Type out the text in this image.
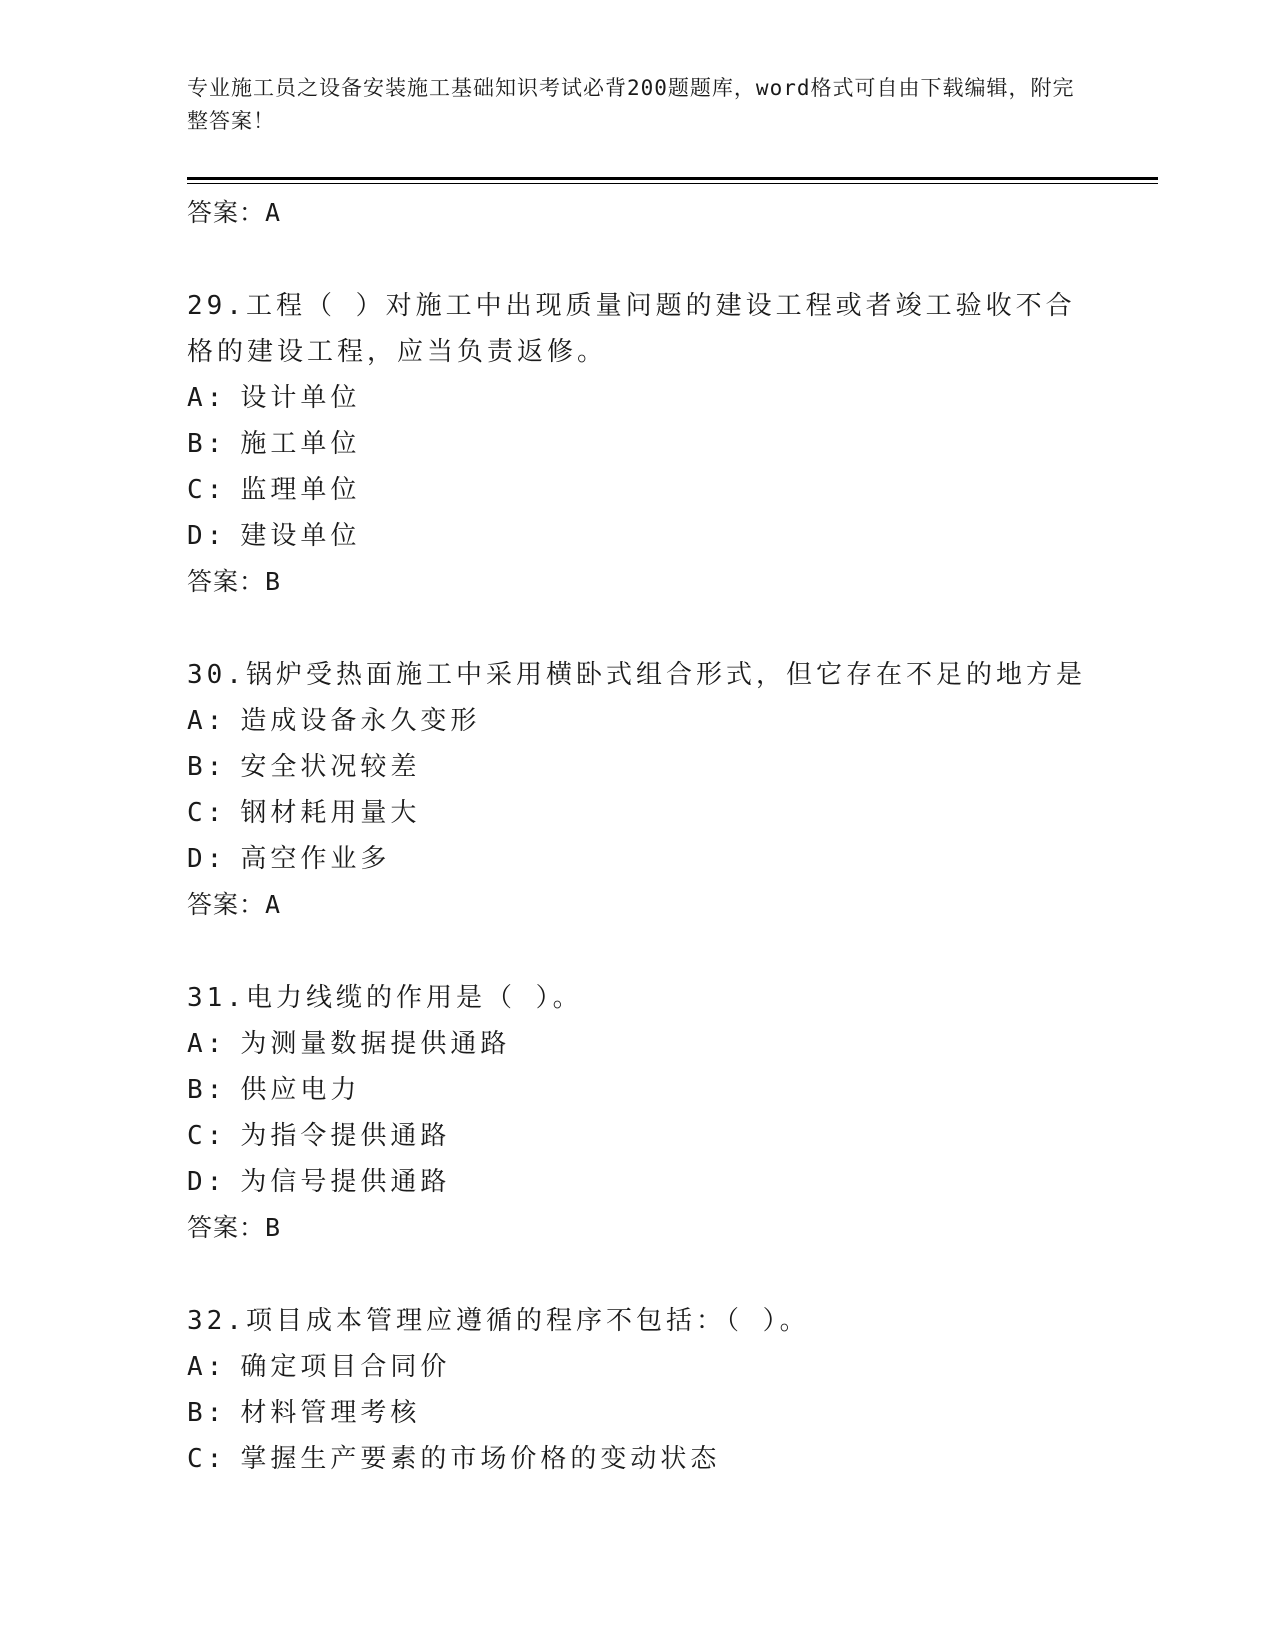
专业施工员之设备安装施工基础知识考试必背200题题库，word格式可自由下载编辑，附完整答案！
答案：A
29.工程（ ）对施工中出现质量问题的建设工程或者竣工验收不合格的建设工程，应当负责返修。
A: 设计单位
B: 施工单位
C: 监理单位
D: 建设单位
答案：B
30.锅炉受热面施工中采用横卧式组合形式，但它存在不足的地方是
A: 造成设备永久变形
B: 安全状况较差
C: 钢材耗用量大
D: 高空作业多
答案：A
31.电力线缆的作用是（ ）。
A: 为测量数据提供通路
B: 供应电力
C: 为指令提供通路
D: 为信号提供通路
答案：B
32.项目成本管理应遵循的程序不包括：（ ）。
A: 确定项目合同价
B: 材料管理考核
C: 掌握生产要素的市场价格的变动状态
